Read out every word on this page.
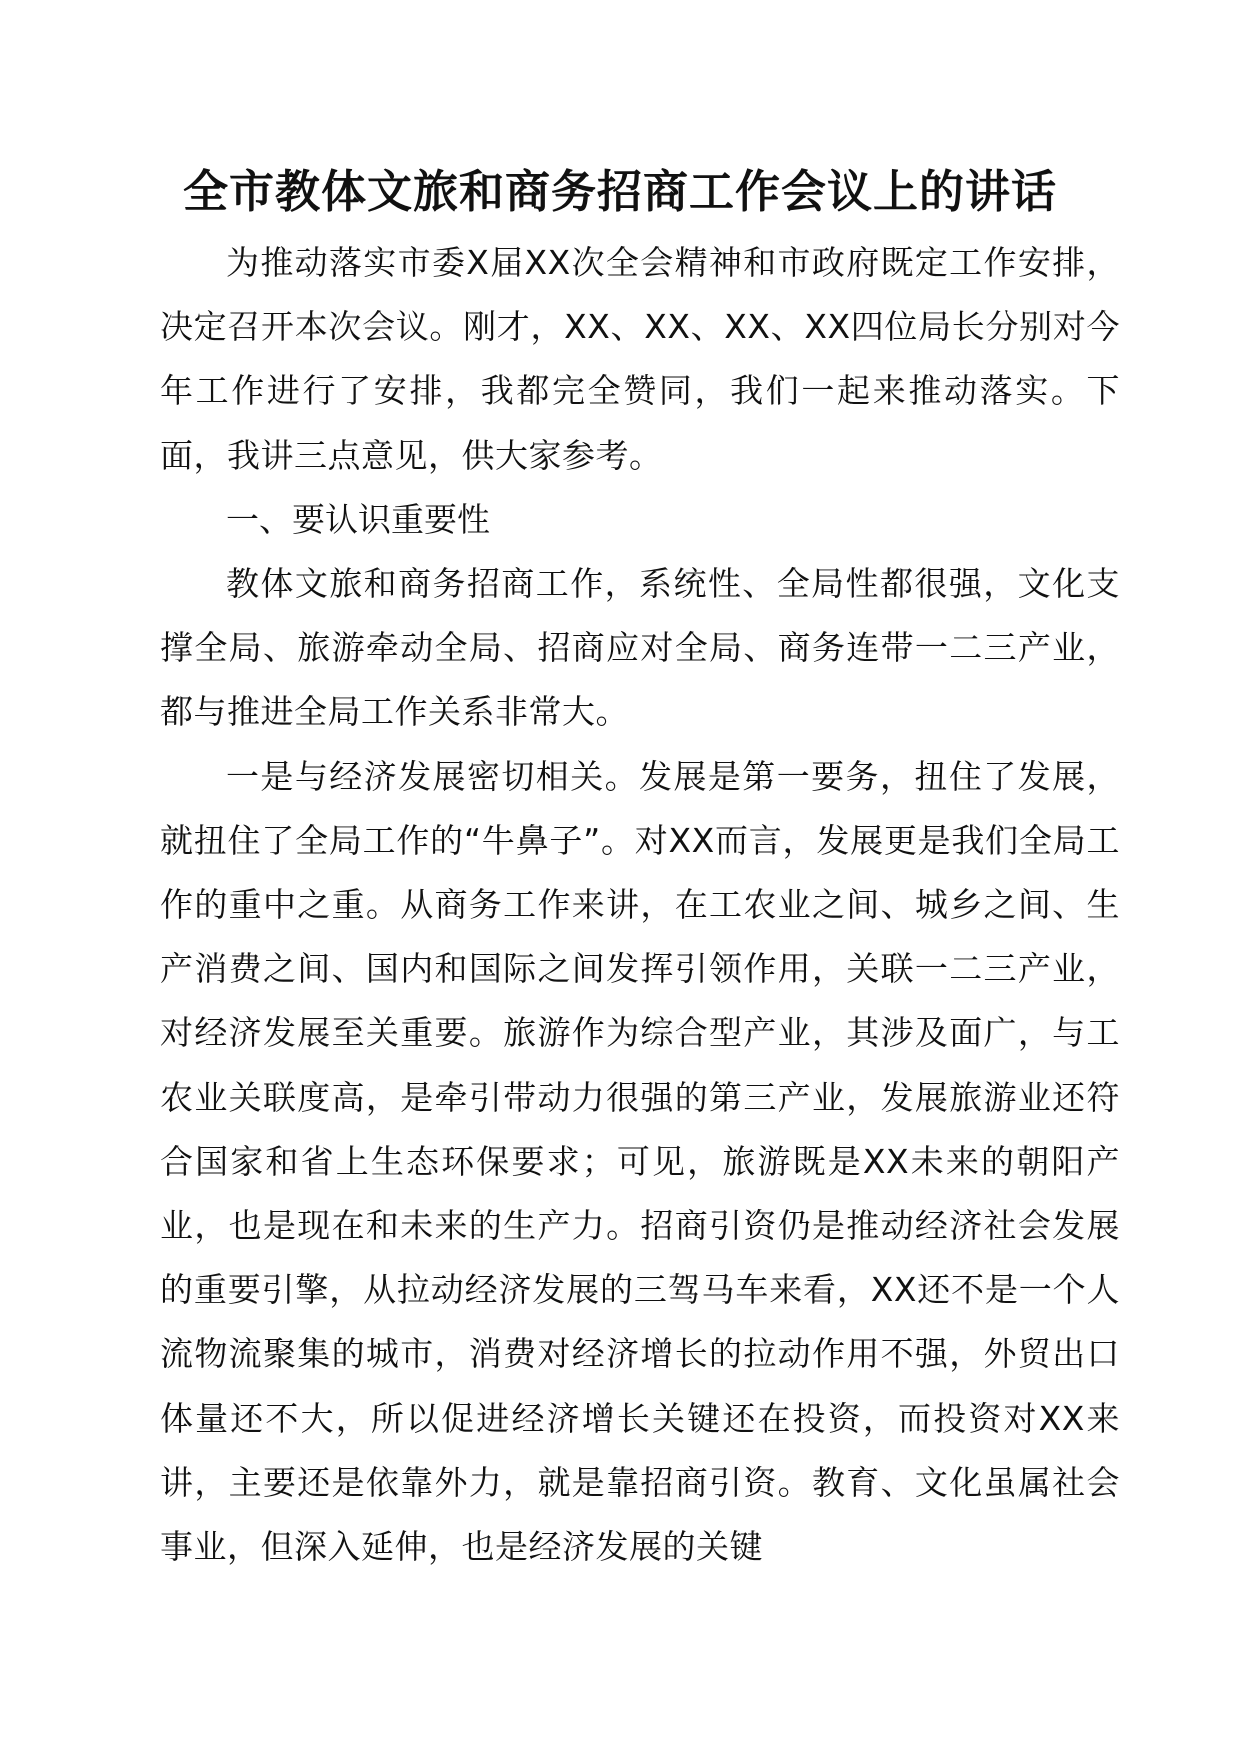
全市教体文旅和商务招商工作会议上的讲话

为推动落实市委X届XX次全会精神和市政府既定工作安排，决定召开本次会议。刚才，XX、XX、XX、XX四位局长分别对今年工作进行了安排，我都完全赞同，我们一起来推动落实。下面，我讲三点意见，供大家参考。

一、要认识重要性

教体文旅和商务招商工作，系统性、全局性都很强，文化支撑全局、旅游牵动全局、招商应对全局、商务连带一二三产业，都与推进全局工作关系非常大。

一是与经济发展密切相关。发展是第一要务，扭住了发展，就扭住了全局工作的“牛鼻子”。对XX而言，发展更是我们全局工作的重中之重。从商务工作来讲，在工农业之间、城乡之间、生产消费之间、国内和国际之间发挥引领作用，关联一二三产业，对经济发展至关重要。旅游作为综合型产业，其涉及面广，与工农业关联度高，是牵引带动力很强的第三产业，发展旅游业还符合国家和省上生态环保要求；可见，旅游既是XX未来的朝阳产业，也是现在和未来的生产力。招商引资仍是推动经济社会发展的重要引擎，从拉动经济发展的三驾马车来看，XX还不是一个人流物流聚集的城市，消费对经济增长的拉动作用不强，外贸出口体量还不大，所以促进经济增长关键还在投资，而投资对XX来讲，主要还是依靠外力，就是靠招商引资。教育、文化虽属社会事业，但深入延伸，也是经济发展的关键
